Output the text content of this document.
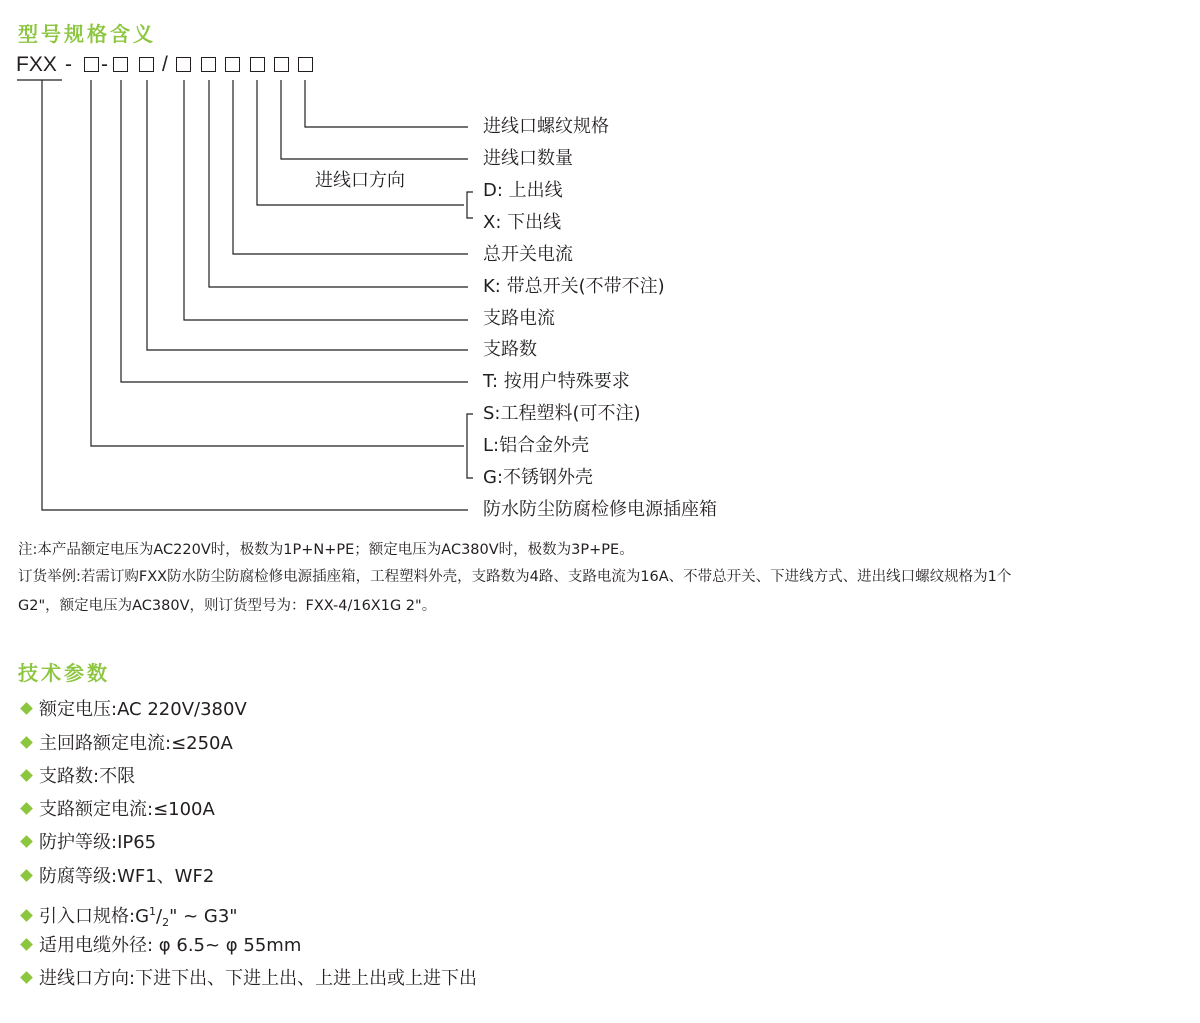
型号规格含义
FXX - -	/
进线口螺纹规格
进线口数量
进线口方向	D: 上出线
X: 下出线
总开关电流
K: 带总开关(不带不注)
支路电流
支路数
T: 按用户特殊要求
S:工程塑料(可不注)
L:铝合金外壳
G:不锈钢外壳
防水防尘防腐检修电源插座箱
注:本产品额定电压为AC220V时，极数为1P+N+PE；额定电压为AC380V时，极数为3P+PE。
订货举例:若需订购FXX防水防尘防腐检修电源插座箱，工程塑料外壳，支路数为4路、支路电流为16A、不带总开关、下进线方式、进出线口螺纹规格为1个
G2"，额定电压为AC380V，则订货型号为：FXX-4/16X1G 2"。
技术参数
额定电压:AC 220V/380V
主回路额定电流:≤250A
支路数:不限
支路额定电流:≤100A
防护等级:IP65
防腐等级:WF1、WF2
引入口规格$:G^1/_2$" ~ G3"
适用电缆外径: φ 6.5~ φ 55mm
进线口方向:下进下出、下进上出、上进上出或上进下出
